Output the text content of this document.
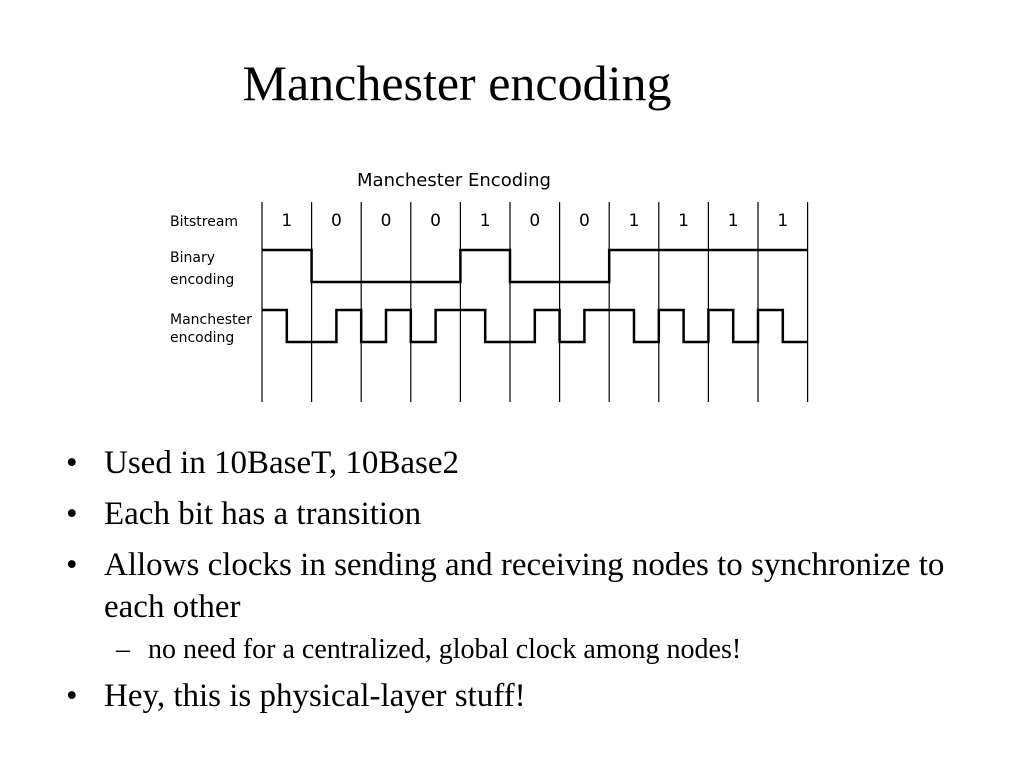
Manchester encoding
Manchester Encoding
Bitstream
Binary
encoding
Manchester
encoding
1 0 0 0 1 0 0 1 1 1 1
• Used in 10BaseT, 10Base2
• Each bit has a transition
• Allows clocks in sending and receiving nodes to synchronize to each other
– no need for a centralized, global clock among nodes!
• Hey, this is physical-layer stuff!
